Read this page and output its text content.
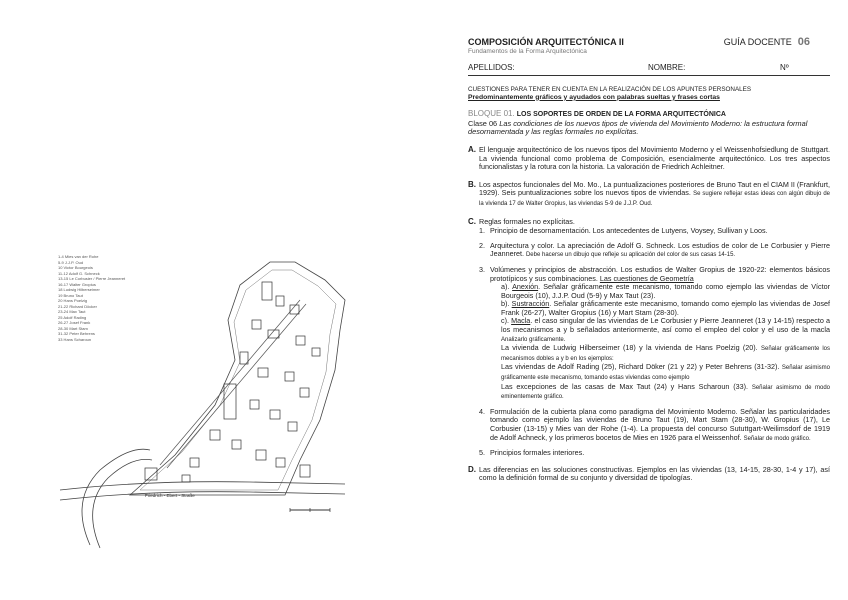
1-4 Mies van der Rohe
5-9 J.J.P. Oud
10 Victor Bourgeois
11-12 Adolf G. Schneck
13-15 Le Corbusier / Pierre Jeanneret
16-17 Walter Gropius
18 Ludwig Hilberseimer
19 Bruno Taut
20 Hans Poelzig
21-22 Richard Döcker
23-24 Max Taut
25 Adolf Rading
26-27 Josef Frank
28-30 Mart Stam
31-32 Peter Behrens
33 Hans Scharoun
Friedrich - Ebert - Straße
COMPOSICIÓN ARQUITECTÓNICA II	GUÍA DOCENTE 06
Fundamentos de la Forma Arquitectónica
APELLIDOS:	NOMBRE:	Nº
CUESTIONES PARA TENER EN CUENTA EN LA REALIZACIÓN DE LOS APUNTES PERSONALES
Predominantemente gráficos y ayudados con palabras sueltas y frases cortas
BLOQUE 01. LOS SOPORTES DE ORDEN DE LA FORMA ARQUITECTÓNICA
Clase 06 Las condiciones de los nuevos tipos de vivienda del Movimiento Moderno: la estructura formal desornamentada y las reglas formales no explícitas.
A. El lenguaje arquitectónico de los nuevos tipos del Movimiento Moderno y el Weissenhofsiedlung de Stuttgart. La vivienda funcional como problema de Composición, esencialmente arquitectónico. Los tres aspectos funcionalistas y la rotura con la historia. La valoración de Friedrich Achleitner.
B. Los aspectos funcionales del Mo. Mo., La puntualizaciones posteriores de Bruno Taut en el CIAM II (Frankfurt, 1929). Seis puntualizaciones sobre los nuevos tipos de viviendas. Se sugiere reflejar estas ideas con algún dibujo de la vivienda 17 de Walter Gropius, las viviendas 5-9 de J.J.P. Oud.
C. Reglas formales no explícitas.
1. Principio de desornamentación. Los antecedentes de Lutyens, Voysey, Sullivan y Loos.
2. Arquitectura y color. La apreciación de Adolf G. Schneck. Los estudios de color de Le Corbusier y Pierre Jeanneret. Debe hacerse un dibujo que refleje su aplicación del color de sus casas 14-15.
3. Volúmenes y principios de abstracción. Los estudios de Walter Gropius de 1920-22: elementos básicos prototípicos y sus combinaciones. Las cuestiones de Geometría
a). Anexión. Señalar gráficamente este mecanismo, tomando como ejemplo las viviendas de Víctor Bourgeois (10), J.J.P. Oud (5-9) y Max Taut (23).
b). Sustracción. Señalar gráficamente este mecanismo, tomando como ejemplo las viviendas de Josef Frank (26-27), Walter Gropius (16) y Mart Stam (28-30).
c). Macla. el caso singular de las viviendas de Le Corbusier y Pierre Jeanneret (13 y 14-15) respecto a los mecanismos a y b señalados anteriormente, así como el empleo del color y el uso de la macla Analizarlo gráficamente.
La vivienda de Ludwig Hilberseimer (18) y la vivienda de Hans Poelzig (20). Señalar gráficamente los mecanismos dobles a y b en los ejemplos:
Las viviendas de Adolf Rading (25), Richard Döker (21 y 22) y Peter Behrens (31-32). Señalar asimismo gráficamente este mecanismo, tomando estas viviendas como ejemplo
Las excepciones de las casas de Max Taut (24) y Hans Scharoun (33). Señalar asimismo de modo eminentemente gráfico.
4. Formulación de la cubierta plana como paradigma del Movimiento Moderno. Señalar las particularidades tomando como ejemplo las viviendas de Bruno Taut (19), Mart Stam (28-30), W. Gropius (17), Le Corbusier (13-15) y Mies van der Rohe (1-4). La propuesta del concurso Sututtgart-Weilimsdorf de 1919 de Adolf Achneck, y los primeros bocetos de Mies en 1926 para el Weissenhof. Señalar de modo gráfico.
5. Principios formales interiores.
D. Las diferencias en las soluciones constructivas. Ejemplos en las viviendas (13, 14-15, 28-30, 1-4 y 17), así como la definición formal de su conjunto y diversidad de tipologías.
